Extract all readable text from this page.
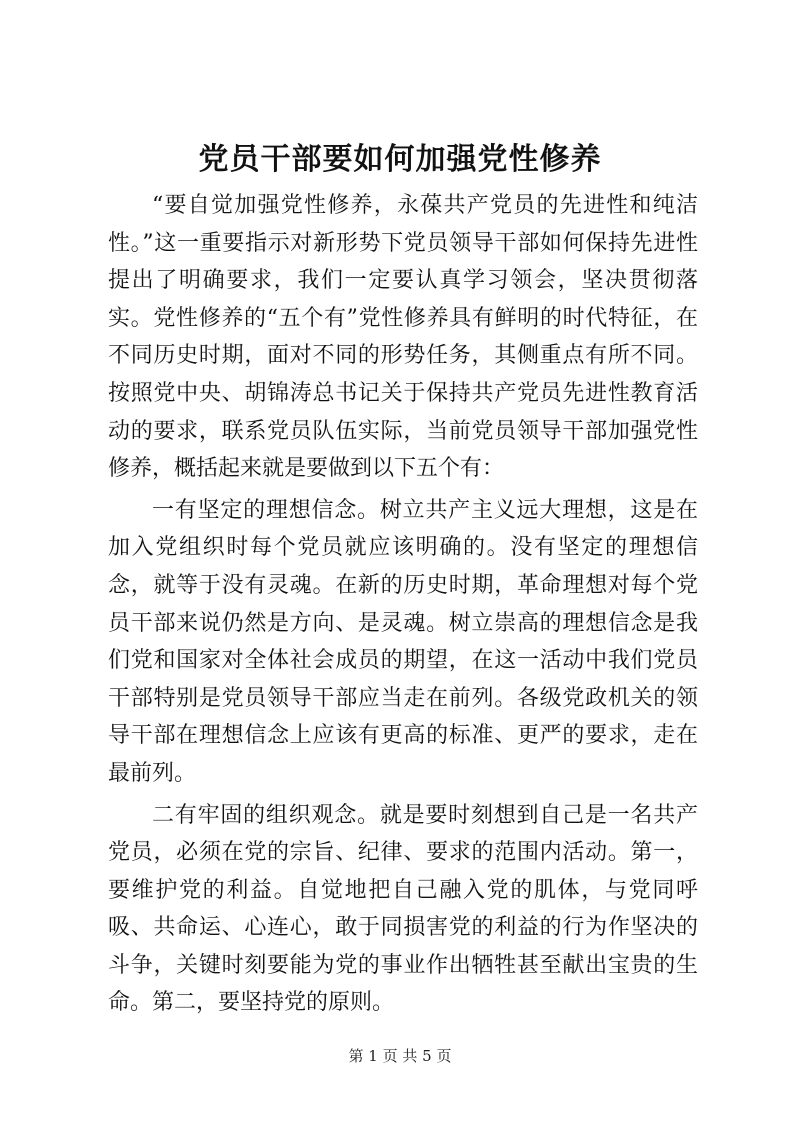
党员干部要如何加强党性修养

“要自觉加强党性修养，永葆共产党员的先进性和纯洁性。”这一重要指示对新形势下党员领导干部如何保持先进性提出了明确要求，我们一定要认真学习领会，坚决贯彻落实。党性修养的“五个有”党性修养具有鲜明的时代特征，在不同历史时期，面对不同的形势任务，其侧重点有所不同。按照党中央、胡锦涛总书记关于保持共产党员先进性教育活动的要求，联系党员队伍实际，当前党员领导干部加强党性修养，概括起来就是要做到以下五个有：

一有坚定的理想信念。树立共产主义远大理想，这是在加入党组织时每个党员就应该明确的。没有坚定的理想信念，就等于没有灵魂。在新的历史时期，革命理想对每个党员干部来说仍然是方向、是灵魂。树立崇高的理想信念是我们党和国家对全体社会成员的期望，在这一活动中我们党员干部特别是党员领导干部应当走在前列。各级党政机关的领导干部在理想信念上应该有更高的标准、更严的要求，走在最前列。

二有牢固的组织观念。就是要时刻想到自己是一名共产党员，必须在党的宗旨、纪律、要求的范围内活动。第一，要维护党的利益。自觉地把自己融入党的肌体，与党同呼吸、共命运、心连心，敢于同损害党的利益的行为作坚决的斗争，关键时刻要能为党的事业作出牺牲甚至献出宝贵的生命。第二，要坚持党的原则。

第 1 页 共 5 页
